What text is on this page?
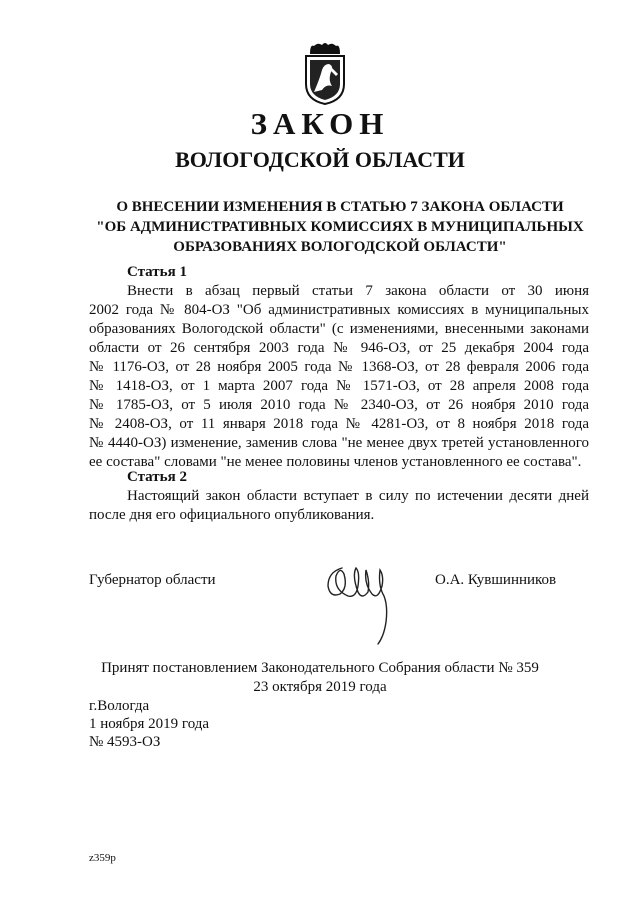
ЗАКОН
ВОЛОГОДСКОЙ ОБЛАСТИ
О ВНЕСЕНИИ ИЗМЕНЕНИЯ В СТАТЬЮ 7 ЗАКОНА ОБЛАСТИ
"ОБ АДМИНИСТРАТИВНЫХ КОМИССИЯХ В МУНИЦИПАЛЬНЫХ
ОБРАЗОВАНИЯХ ВОЛОГОДСКОЙ ОБЛАСТИ"
Статья 1
Внести в абзац первый статьи 7 закона области от 30 июня
2002 года № 804-ОЗ "Об административных комиссиях в муниципальных
образованиях Вологодской области" (с изменениями, внесенными законами
области от 26 сентября 2003 года № 946-ОЗ, от 25 декабря 2004 года
№ 1176-ОЗ, от 28 ноября 2005 года № 1368-ОЗ, от 28 февраля 2006 года
№ 1418-ОЗ, от 1 марта 2007 года № 1571-ОЗ, от 28 апреля 2008 года
№ 1785-ОЗ, от 5 июля 2010 года № 2340-ОЗ, от 26 ноября 2010 года
№ 2408-ОЗ, от 11 января 2018 года № 4281-ОЗ, от 8 ноября 2018 года
№ 4440-ОЗ) изменение, заменив слова "не менее двух третей установленного
ее состава" словами "не менее половины членов установленного ее состава".
Статья 2
Настоящий закон области вступает в силу по истечении десяти дней
после дня его официального опубликования.
Губернатор области	О.А. Кувшинников
Принят постановлением Законодательного Собрания области № 359
23 октября 2019 года
г.Вологда
1 ноября 2019 года
№ 4593-ОЗ
z359р
